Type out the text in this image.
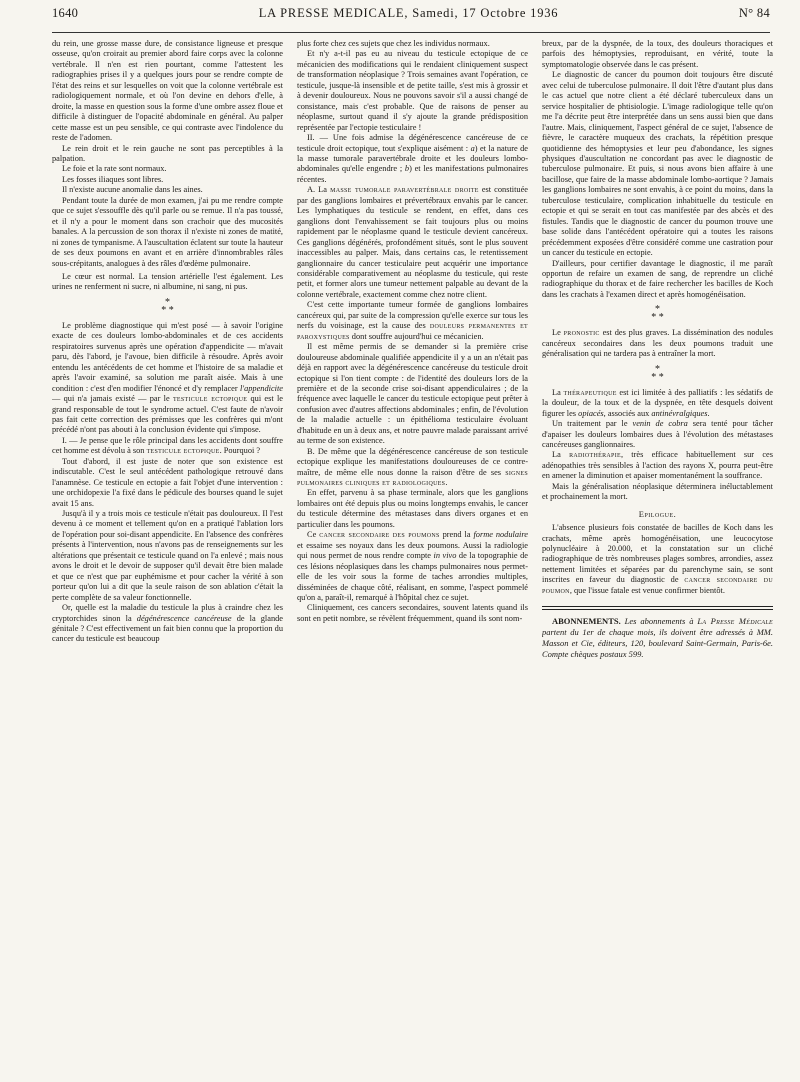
1640	LA PRESSE MEDICALE, Samedi, 17 Octobre 1936	N° 84

du rein, une grosse masse dure, de consistance ligneuse et presque osseuse, qu'on croirait au premier abord faire corps avec la colonne vertébrale. Il n'en est rien pourtant, comme l'attestent les radiographies prises il y a quelques jours pour se rendre compte de l'état des reins et sur lesquelles on voit que la colonne vertébrale est radiologiquement normale, et où l'on devine en dehors d'elle, à droite, la masse en question sous la forme d'une ombre assez floue et difficile à distinguer de l'opacité abdominale en général. Au palper cette masse est un peu sensible, ce qui contraste avec l'indolence du reste de l'adomen.

Le rein droit et le rein gauche ne sont pas perceptibles à la palpation.

Le foie et la rate sont normaux.

Les fosses iliaques sont libres.

Il n'existe aucune anomalie dans les aines.

Pendant toute la durée de mon examen, j'ai pu me rendre compte que ce sujet s'essouffle dès qu'il parle ou se remue. Il n'a pas toussé, et il n'y a pour le moment dans son crachoir que des mucosités banales. A la percussion de son thorax il n'existe ni zones de matité, ni zones de tympanisme. A l'auscultation éclatent sur toute la hauteur de ses deux poumons en avant et en arrière d'innombrables râles sous-crépitants, analogues à des râles d'œdème pulmonaire.

Le cœur est normal. La tension artérielle l'est également. Les urines ne renferment ni sucre, ni albumine, ni sang, ni pus.

*
* *

Le problème diagnostique qui m'est posé — à savoir l'origine exacte de ces douleurs lombo-abdominales et de ces accidents respiratoires survenus après une opération d'appendicite — m'avait paru, dès l'abord, je l'avoue, bien difficile à résoudre. Après avoir entendu les antécédents de cet homme et l'histoire de sa maladie et après l'avoir examiné, sa solution me paraît aisée. Mais à une condition : c'est d'en modifier l'énoncé et d'y remplacer l'appendicite — qui n'a jamais existé — par le testicule ectopique qui est le grand responsable de tout le syndrome actuel. C'est faute de n'avoir pas fait cette correction des prémisses que les confrères qui m'ont précédé n'ont pas abouti à la conclusion évidente qui s'impose.

I. — Je pense que le rôle principal dans les accidents dont souffre cet homme est dévolu à son testicule ectopique. Pourquoi ?

Tout d'abord, il est juste de noter que son existence est indiscutable. C'est le seul antécédent pathologique retrouvé dans l'anamnèse. Ce testicule en ectopie a fait l'objet d'une intervention : une orchidopexie l'a fixé dans le pédicule des bourses quand le sujet avait 15 ans.

Jusqu'à il y a trois mois ce testicule n'était pas douloureux. Il l'est devenu à ce moment et tellement qu'on en a pratiqué l'ablation lors de l'opération pour soi-disant appendicite. En l'absence des confrères présents à l'intervention, nous n'avons pas de renseignements sur les altérations que présentait ce testicule quand on l'a enlevé ; mais nous avons le droit et le devoir de supposer qu'il devait être bien malade et que ce n'est que par euphémisme et pour cacher la vérité à son porteur qu'on lui a dit que la seule raison de son ablation c'était la perte complète de sa valeur fonctionnelle.

Or, quelle est la maladie du testicule la plus à craindre chez les cryptorchides sinon la dégénérescence cancéreuse de la glande génitale ? C'est effectivement un fait bien connu que la proportion du cancer du testicule est beaucoup

plus forte chez ces sujets que chez les individus normaux.

Et n'y a-t-il pas eu au niveau du testicule ectopique de ce mécanicien des modifications qui le rendaient cliniquement suspect de transformation néoplasique ? Trois semaines avant l'opération, ce testicule, jusque-là insensible et de petite taille, s'est mis à grossir et à devenir douloureux. Nous ne pouvons savoir s'il a aussi changé de consistance, mais c'est probable. Que de raisons de penser au néoplasme, surtout quand il s'y ajoute la grande prédisposition représentée par l'ectopie testiculaire !

II. — Une fois admise la dégénérescence cancéreuse de ce testicule droit ectopique, tout s'explique aisément : a) et la nature de la masse tumorale paravertébrale droite et les douleurs lombo-abdominales qu'elle engendre ; b) et les manifestations pulmonaires récentes.

A. La masse tumorale paravertébrale droite est constituée par des ganglions lombaires et prévertébraux envahis par le cancer. Les lymphatiques du testicule se rendent, en effet, dans ces ganglions dont l'envahissement se fait toujours plus ou moins rapidement par le néoplasme quand le testicule devient cancéreux. Ces ganglions dégénérés, profondément situés, sont le plus souvent inaccessibles au palper. Mais, dans certains cas, le retentissement ganglionnaire du cancer testiculaire peut acquérir une importance considérable comparativement au néoplasme du testicule, qui reste petit, et former alors une tumeur nettement palpable au devant de la colonne vertébrale, exactement comme chez notre client.

C'est cette importante tumeur formée de ganglions lombaires cancéreux qui, par suite de la compression qu'elle exerce sur tous les nerfs du voisinage, est la cause des douleurs permanentes et paroxystiques dont souffre aujourd'hui ce mécanicien.

Il est même permis de se demander si la première crise douloureuse abdominale qualifiée appendicite il y a un an n'était pas déjà en rapport avec la dégénérescence cancéreuse du testicule droit ectopique si l'on tient compte : de l'identité des douleurs lors de la première et de la seconde crise soi-disant appendiculaires ; de la fréquence avec laquelle le cancer du testicule ectopique peut prêter à confusion avec d'autres affections abdominales ; enfin, de l'évolution de la maladie actuelle : un épithélioma testiculaire évoluant d'habitude en un à deux ans, et notre pauvre malade paraissant arrivé au terme de son existence.

B. De même que la dégénérescence cancéreuse de son testicule ectopique explique les manifestations douloureuses de ce contre-maître, de même elle nous donne la raison d'être de ses signes pulmonaires cliniques et radiologiques.

En effet, parvenu à sa phase terminale, alors que les ganglions lombaires ont été depuis plus ou moins longtemps envahis, le cancer du testicule détermine des métastases dans divers organes et en particulier dans les poumons.

Ce cancer secondaire des poumons prend la forme nodulaire et essaime ses noyaux dans les deux poumons. Aussi la radiologie qui nous permet de nous rendre compte in vivo de la topographie de ces lésions néoplasiques dans les champs pulmonaires nous permet-elle de les voir sous la forme de taches arrondies multiples, disséminées de chaque côté, réalisant, en somme, l'aspect pommelé qu'on a, paraît-il, remarqué à l'hôpital chez ce sujet.

Cliniquement, ces cancers secondaires, souvent latents quand ils sont en petit nombre, se révèlent fréquemment, quand ils sont nom-

breux, par de la dyspnée, de la toux, des douleurs thoraciques et parfois des hémoptysies, reproduisant, en vérité, toute la symptomatologie observée dans le cas présent.

Le diagnostic de cancer du poumon doit toujours être discuté avec celui de tuberculose pulmonaire. Il doit l'être d'autant plus dans le cas actuel que notre client a été déclaré tuberculeux dans un service hospitalier de phtisiologie. L'image radiologique telle qu'on me l'a décrite peut être interprétée dans un sens aussi bien que dans l'autre. Mais, cliniquement, l'aspect général de ce sujet, l'absence de fièvre, le caractère muqueux des crachats, la répétition presque quotidienne des hémoptysies et leur peu d'abondance, les signes physiques d'auscultation ne concordant pas avec le diagnostic de tuberculose pulmonaire. Et puis, si nous avons bien affaire à une bacillose, que faire de la masse abdominale lombo-aortique ? Jamais les ganglions lombaires ne sont envahis, à ce point du moins, dans la tuberculose testiculaire, complication inhabituelle du testicule en ectopie et qui se serait en tout cas manifestée par des abcès et des fistules. Tandis que le diagnostic de cancer du poumon trouve une base solide dans l'antécédent opératoire qui a toutes les raisons précédemment exposées d'être considéré comme une castration pour un cancer du testicule en ectopie.

D'ailleurs, pour certifier davantage le diagnostic, il me paraît opportun de refaire un examen de sang, de reprendre un cliché radiographique du thorax et de faire rechercher les bacilles de Koch dans les crachats à l'examen direct et après homogénéisation.

*
* *

Le pronostic est des plus graves. La dissémination des nodules cancéreux secondaires dans les deux poumons traduit une généralisation qui ne tardera pas à entraîner la mort.

*
* *

La thérapeutique est ici limitée à des palliatifs : les sédatifs de la douleur, de la toux et de la dyspnée, en tête desquels doivent figurer les opiacés, associés aux antinévralgiques.

Un traitement par le venin de cobra sera tenté pour tâcher d'apaiser les douleurs lombaires dues à l'évolution des métastases cancéreuses ganglionnaires.

La radiothérapie, très efficace habituellement sur ces adénopathies très sensibles à l'action des rayons X, pourra peut-être en amener la diminution et apaiser momentanément la souffrance.

Mais la généralisation néoplasique déterminera inéluctablement et prochainement la mort.

Epilogue.

L'absence plusieurs fois constatée de bacilles de Koch dans les crachats, même après homogénéisation, une leucocytose polynucléaire à 20.000, et la constatation sur un cliché radiographique de très nombreuses plages sombres, arrondies, assez nettement limitées et séparées par du parenchyme sain, se sont inscrites en faveur du diagnostic de cancer secondaire du poumon, que l'issue fatale est venue confirmer bientôt.

ABONNEMENTS. Les abonnements à La Presse Médicale partent du 1er de chaque mois, ils doivent être adressés à MM. Masson et Cie, éditeurs, 120, boulevard Saint-Germain, Paris-6e. Compte chèques postaux 599.
